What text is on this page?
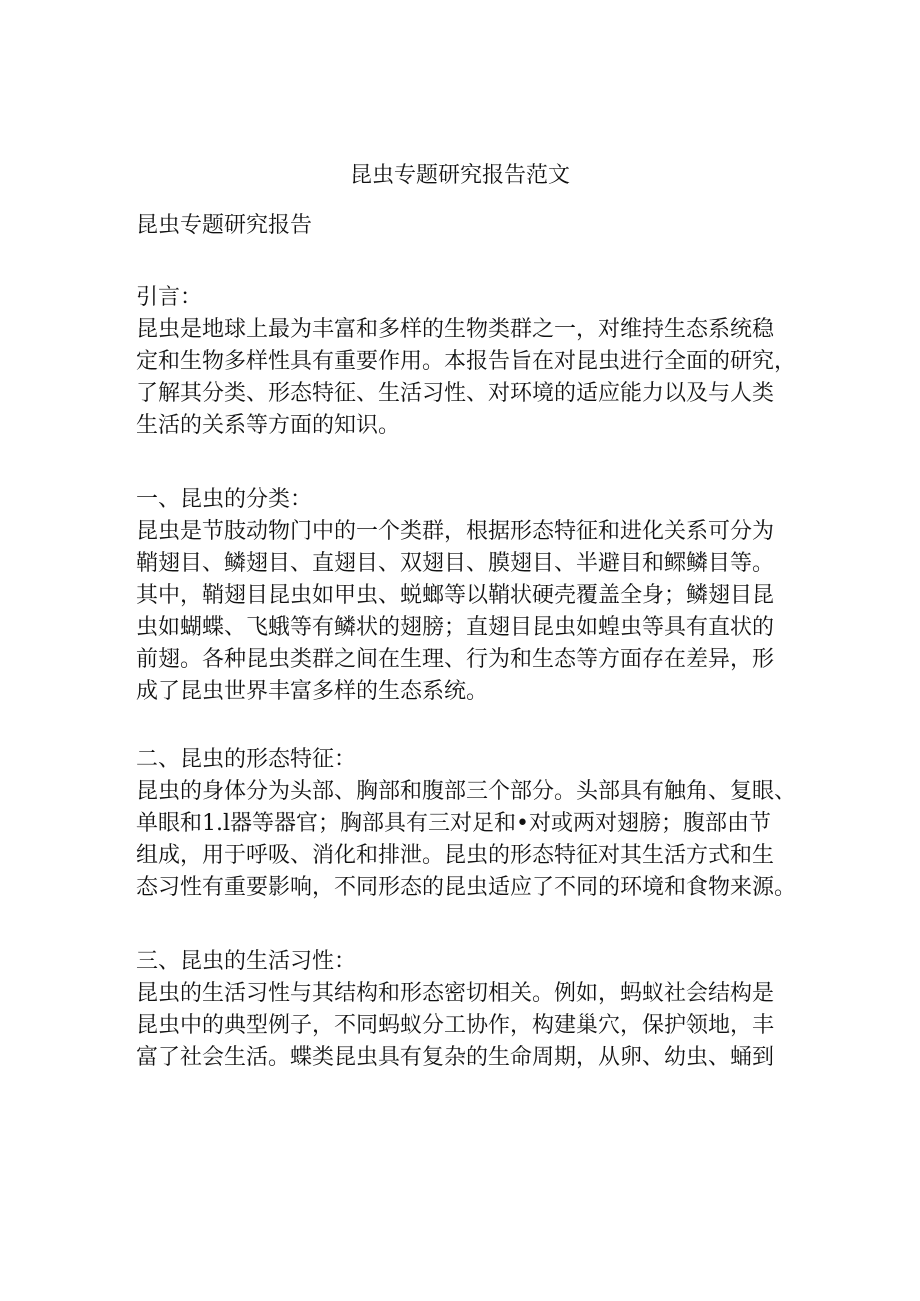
昆虫专题研究报告范文
昆虫专题研究报告

引言：

昆虫是地球上最为丰富和多样的生物类群之一，对维持生态系统稳
定和生物多样性具有重要作用。本报告旨在对昆虫进行全面的研究，
了解其分类、形态特征、生活习性、对环境的适应能力以及与人类
生活的关系等方面的知识。

一、昆虫的分类：

昆虫是节肢动物门中的一个类群，根据形态特征和进化关系可分为
鞘翅目、鳞翅目、直翅目、双翅目、膜翅目、半避目和鳏鳞目等。
其中，鞘翅目昆虫如甲虫、蜕螂等以鞘状硬壳覆盖全身；鳞翅目昆
虫如蝴蝶、飞蛾等有鳞状的翅膀；直翅目昆虫如蝗虫等具有直状的
前翅。各种昆虫类群之间在生理、行为和生态等方面存在差异，形
成了昆虫世界丰富多样的生态系统。

二、昆虫的形态特征：

昆虫的身体分为头部、胸部和腹部三个部分。头部具有触角、复眼、
单眼和1.l器等器官；胸部具有三对足和•对或两对翅膀；腹部由节
组成，用于呼吸、消化和排泄。昆虫的形态特征对其生活方式和生
态习性有重要影响，不同形态的昆虫适应了不同的环境和食物来源。

三、昆虫的生活习性：

昆虫的生活习性与其结构和形态密切相关。例如，蚂蚁社会结构是
昆虫中的典型例子，不同蚂蚁分工协作，构建巢穴，保护领地，丰
富了社会生活。蝶类昆虫具有复杂的生命周期，从卵、幼虫、蛹到
